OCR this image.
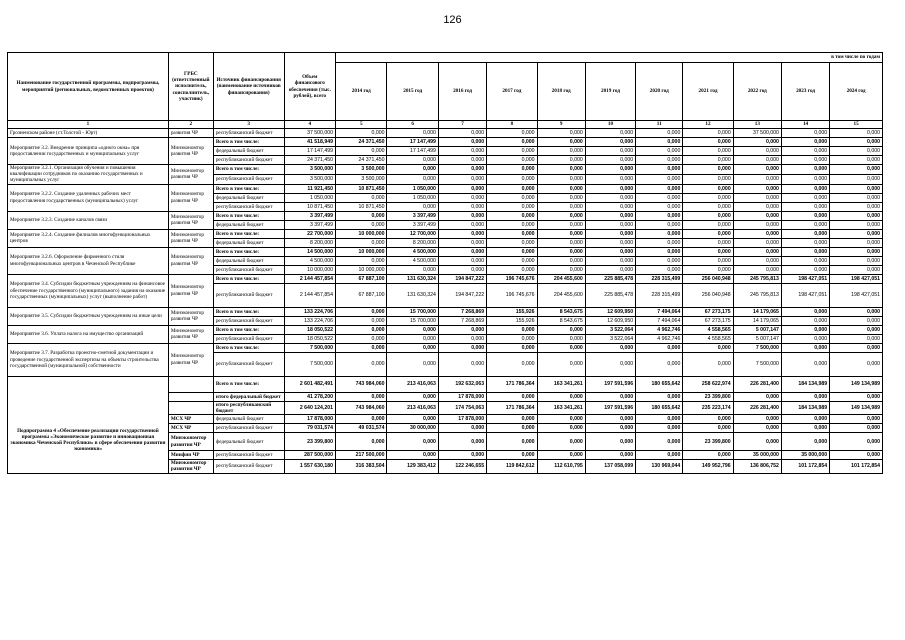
126
Наименование государственной программы, подпрограммы, мероприятий (региональных, ведомственных проектов)	ГРБС (ответственный исполнитель, соисполнитель, участник)	Источник финансирования (наименование источников финансирования)	Объем финансового обеспечения (тыс. рублей), всего	в том числе по годам										
				2014 год	2015 год	2016 год	2017 год	2018 год	2019 год	2020 год	2021 год	2022 год	2023 год	2024 год
1	2	3	4	5	6	7	8	9	10	11	12	13	14	15
Грозненском районе (ст.Толстой - Юрт)	развития ЧР	республиканский бюджет	37 500,000	0,000	0,000	0,000	0,000	0,000	0,000	0,000	0,000	37 500,000	0,000	0,000
Мероприятие 3.2. Внедрение принципа «одного окна» при предоставлении государственных и муниципальных услуг	Минэкономтор развития ЧР	Всего в том числе:	41 518,949	24 371,450	17 147,499	0,000	0,000	0,000	0,000	0,000	0,000	0,000	0,000	0,000
		федеральный бюджет	17 147,499	0,000	17 147,499	0,000	0,000	0,000	0,000	0,000	0,000	0,000	0,000	0,000
		республиканский бюджет	24 371,450	24 371,450	0,000	0,000	0,000	0,000	0,000	0,000	0,000	0,000	0,000	0,000
Мероприятие 3.2.1. Организация обучения и повышения квалификации сотрудников по оказанию государственных и муниципальных услуг	Минэкономтор развития ЧР	Всего в том числе:	3 500,000	3 500,000	0,000	0,000	0,000	0,000	0,000	0,000	0,000	0,000	0,000	0,000
		республиканский бюджет	3 500,000	3 500,000	0,000	0,000	0,000	0,000	0,000	0,000	0,000	0,000	0,000	0,000
Мероприятие 3.2.2. Создание удаленных рабочих мест предоставления государственных (муниципальных) услуг	Минэкономтор развития ЧР	Всего в том числе:	11 921,450	10 871,450	1 050,000	0,000	0,000	0,000	0,000	0,000	0,000	0,000	0,000	0,000
		федеральный бюджет	1 050,000	0,000	1 050,000	0,000	0,000	0,000	0,000	0,000	0,000	0,000	0,000	0,000
		республиканский бюджет	10 871,450	10 871,450	0,000	0,000	0,000	0,000	0,000	0,000	0,000	0,000	0,000	0,000
Мероприятие 3.2.3. Создание каналов связи	Минэкономтор развития ЧР	Всего в том числе:	3 397,499	0,000	3 397,499	0,000	0,000	0,000	0,000	0,000	0,000	0,000	0,000	0,000
		федеральный бюджет	3 397,499	0,000	3 397,499	0,000	0,000	0,000	0,000	0,000	0,000	0,000	0,000	0,000
Мероприятие 3.2.4. Создание филиалов многофункциональных центров	Минэкономтор развития ЧР	Всего в том числе:	22 700,000	10 000,000	12 700,000	0,000	0,000	0,000	0,000	0,000	0,000	0,000	0,000	0,000
		федеральный бюджет	8 200,000	0,000	8 200,000	0,000	0,000	0,000	0,000	0,000	0,000	0,000	0,000	0,000
Мероприятие 3.2.6. Оформление фирменного стиля многофункциональных центров в Чеченской Республике	Минэкономтор развития ЧР	Всего в том числе:	14 500,000	10 000,000	4 500,000	0,000	0,000	0,000	0,000	0,000	0,000	0,000	0,000	0,000
		федеральный бюджет	4 500,000	0,000	4 500,000	0,000	0,000	0,000	0,000	0,000	0,000	0,000	0,000	0,000
		республиканский бюджет	10 000,000	10 000,000	0,000	0,000	0,000	0,000	0,000	0,000	0,000	0,000	0,000	0,000
Мероприятие 3.4. Субсидии бюджетным учреждениям на финансовое обеспечение государственного (муниципального) задания на оказание государственных (муниципальных) услуг (выполнение работ)	Минэкономтор развития ЧР	Всего в том числе:	2 144 457,854	67 887,100	131 630,324	194 847,222	196 745,676	204 455,600	225 885,478	228 315,499	256 040,948	245 795,813	198 427,051	198 427,051
		республиканский бюджет	2 144 457,854	67 887,100	131 630,324	194 847,222	196 745,676	204 455,600	225 885,478	228 315,499	256 040,948	245 795,813	198 427,051	198 427,051
Мероприятие 3.5. Субсидии бюджетным учреждениям на иные цели	Минэкономтор развития ЧР	Всего в том числе:	133 224,706	0,000	15 700,000	7 268,869	155,926	8 543,675	12 609,950	7 494,064	67 273,175	14 179,065	0,000	0,000
		республиканский бюджет	133 224,706	0,000	15 700,000	7 268,869	155,926	8 543,675	12 609,950	7 494,064	67 273,175	14 179,065	0,000	0,000
Мероприятие 3.6. Уплата налога на имущество организаций	Минэкономтор развития ЧР	Всего в том числе:	18 050,522	0,000	0,000	0,000	0,000	0,000	3 522,064	4 962,746	4 558,565	5 007,147	0,000	0,000
		республиканский бюджет	18 050,522	0,000	0,000	0,000	0,000	0,000	3 522,064	4 962,746	4 558,565	5 007,147	0,000	0,000
Мероприятие 3.7. Разработка проектно-сметной документации и проведение государственной экспертизы на объекты строительства государственной (муниципальной) собственности	Минэкономтор развития ЧР	Всего в том числе:	7 500,000	0,000	0,000	0,000	0,000	0,000	0,000	0,000	0,000	7 500,000	0,000	0,000
		республиканский бюджет	7 500,000	0,000	0,000	0,000	0,000	0,000	0,000	0,000	0,000	7 500,000	0,000	0,000
Подпрограмма 4 «Обеспечение реализации государственной программы «Экономическое развитие и инновационная экономика Чеченской Республики» в сфере обеспечения развития экономики»		Всего в том числе:	2 601 482,491	743 984,060	213 416,063	192 632,063	171 786,364	163 341,261	197 591,596	180 655,642	258 622,974	226 281,400	184 134,989	149 134,989
		итого федеральный бюджет	41 278,200	0,000	0,000	17 878,000	0,000	0,000	0,000	0,000	23 399,800	0,000	0,000	0,000
		итого республиканский бюджет	2 640 124,201	743 984,060	213 416,063	174 754,063	171 786,364	163 341,261	197 591,596	180 655,642	235 223,174	226 281,400	184 134,989	149 134,989
	МСХ ЧР	федеральный бюджет	17 878,000	0,000	0,000	17 878,000	0,000	0,000	0,000	0,000	0,000	0,000	0,000	0,000
	МСХ ЧР	республиканский бюджет	79 031,574	49 031,574	30 000,000	0,000	0,000	0,000	0,000	0,000	0,000	0,000	0,000	0,000
	Минэкономтор развития ЧР	федеральный бюджет	23 399,800	0,000	0,000	0,000	0,000	0,000	0,000	0,000	23 399,800	0,000	0,000	0,000
	Минфин ЧР	республиканский бюджет	287 500,000	217 500,000	0,000	0,000	0,000	0,000	0,000	0,000	0,000	35 000,000	35 000,000	0,000
	Минэкономтор развития ЧР	республиканский бюджет	1 557 630,180	316 383,504	129 383,412	122 246,655	119 842,612	112 610,795	137 058,099	130 969,044	149 952,796	136 806,752	101 172,854	101 172,854
